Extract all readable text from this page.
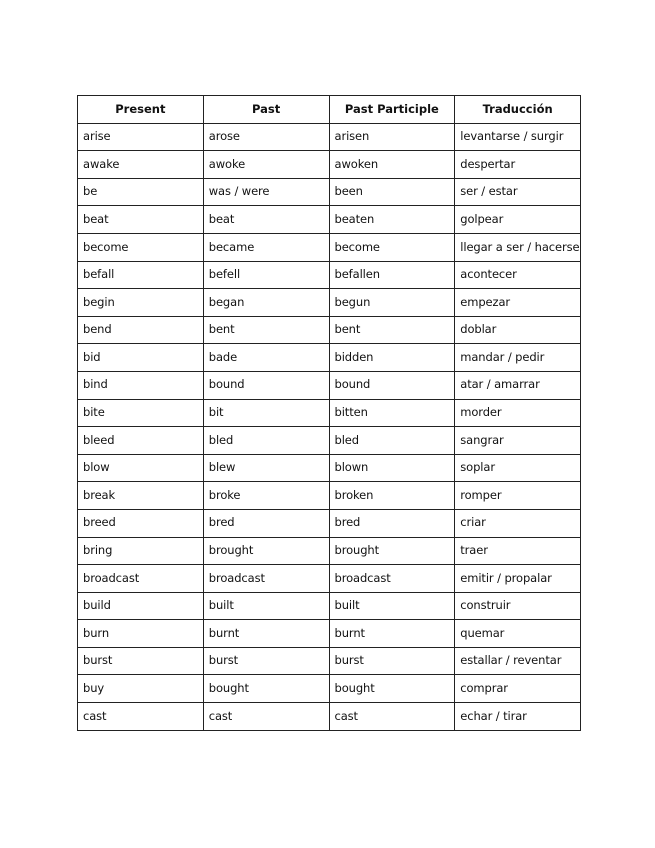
Present	Past	Past Participle	Traducción
arise	arose	arisen	levantarse / surgir
awake	awoke	awoken	despertar
be	was / were	been	ser / estar
beat	beat	beaten	golpear
become	became	become	llegar a ser / hacerse
befall	befell	befallen	acontecer
begin	began	begun	empezar
bend	bent	bent	doblar
bid	bade	bidden	mandar / pedir
bind	bound	bound	atar / amarrar
bite	bit	bitten	morder
bleed	bled	bled	sangrar
blow	blew	blown	soplar
break	broke	broken	romper
breed	bred	bred	criar
bring	brought	brought	traer
broadcast	broadcast	broadcast	emitir / propalar
build	built	built	construir
burn	burnt	burnt	quemar
burst	burst	burst	estallar / reventar
buy	bought	bought	comprar
cast	cast	cast	echar / tirar
